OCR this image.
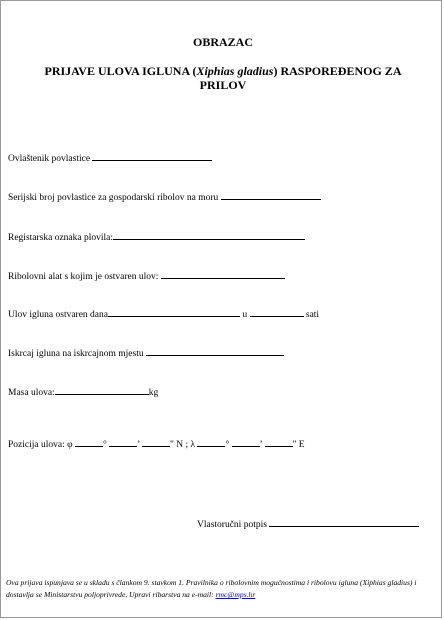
OBRAZAC
PRIJAVE ULOVA IGLUNA (Xiphias gladius) RASPOREĐENOG ZA PRILOV
Ovlaštenik povlastice
Serijski broj povlastice za gospodarski ribolov na moru
Registarska oznaka plovila:
Ribolovni alat s kojim je ostvaren ulov:
Ulov igluna ostvaren dana	u	sati
Iskrcaj igluna na iskrcajnom mjestu
Masa ulova:	kg
Pozicija ulova: φ	°	’	" N ; λ	°	’	" E
Vlastoručni potpis
Ova prijava ispunjava se u skladu s člankom 9. stavkom 1. Pravilnika o ribolovnim mogućnostima i ribolovu igluna (Xiphias gladius) i dostavlja se Ministarstvu poljoprivrede, Upravi ribarstva na e-mail: rmc@mps.hr
